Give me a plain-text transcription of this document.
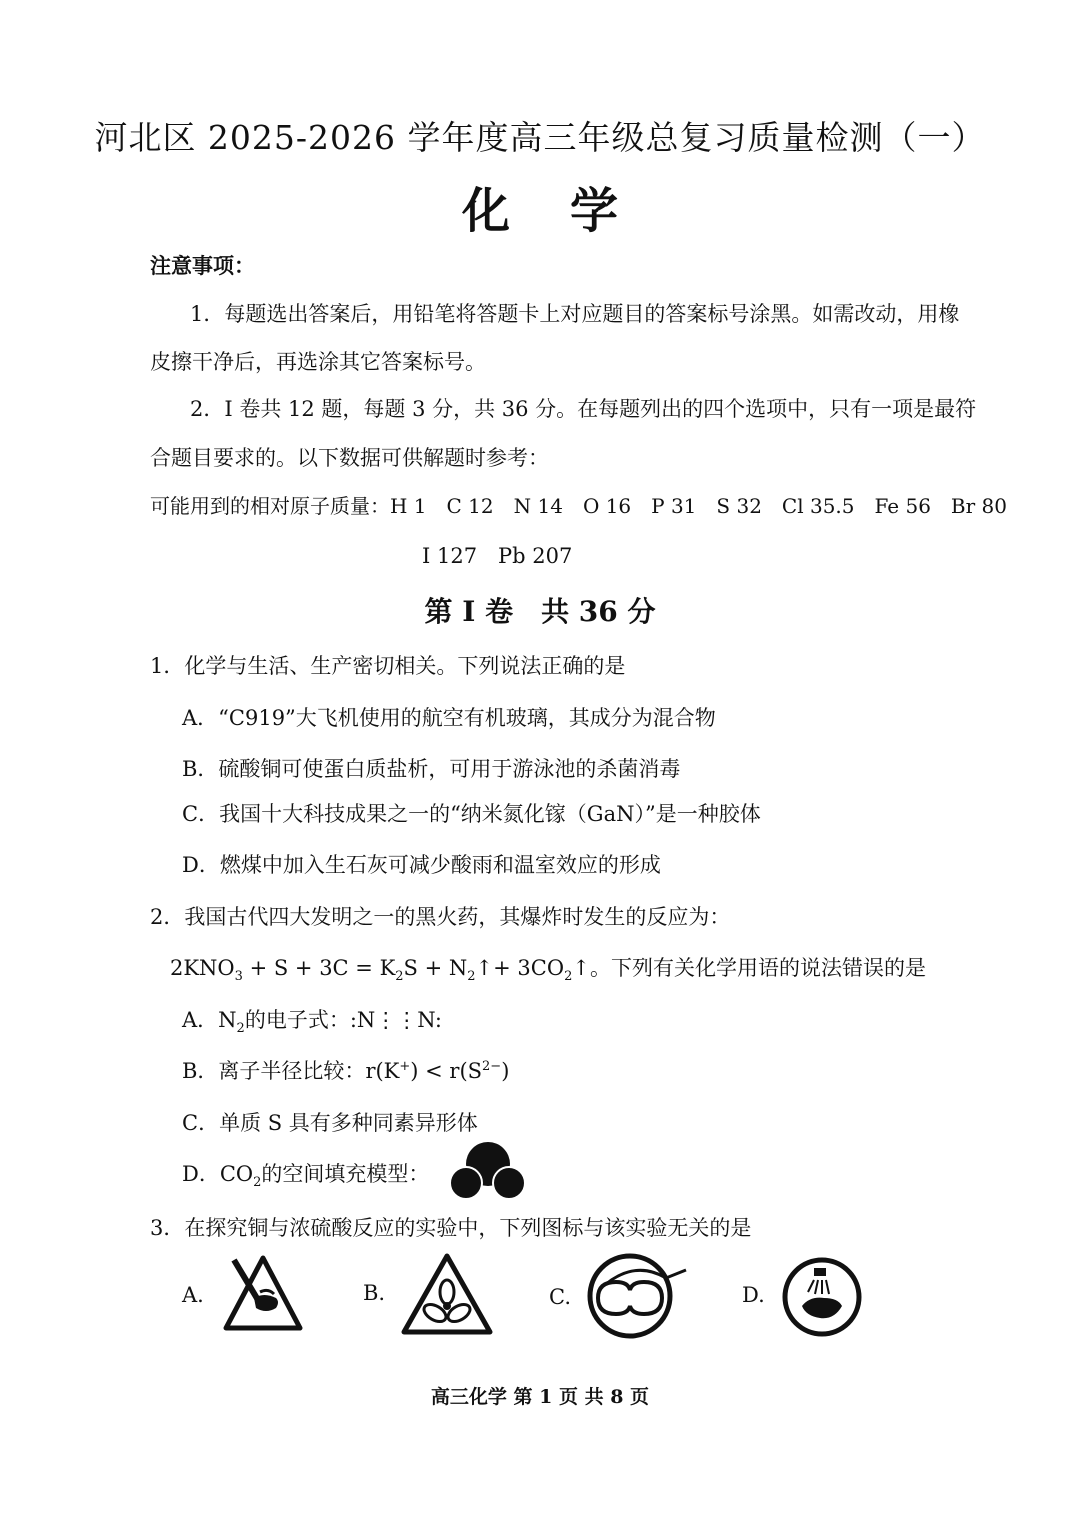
河北区 2025-2026 学年度高三年级总复习质量检测（一）
化学
注意事项：
1．每题选出答案后，用铅笔将答题卡上对应题目的答案标号涂黑。如需改动，用橡
皮擦干净后，再选涂其它答案标号。
2．I 卷共 12 题，每题 3 分，共 36 分。在每题列出的四个选项中，只有一项是最符
合题目要求的。以下数据可供解题时参考：
可能用到的相对原子质量：H 1　C 12　N 14　O 16　P 31　S 32　Cl 35.5　Fe 56　Br 80
I 127　Pb 207
第 I 卷　共 36 分
1．化学与生活、生产密切相关。下列说法正确的是
A．“C919”大飞机使用的航空有机玻璃，其成分为混合物
B．硫酸铜可使蛋白质盐析，可用于游泳池的杀菌消毒
C．我国十大科技成果之一的“纳米氮化镓（GaN）”是一种胶体
D．燃煤中加入生石灰可减少酸雨和温室效应的形成
2．我国古代四大发明之一的黑火药，其爆炸时发生的反应为：
$2KNO_3 + S + 3C = K_2S$ + $N_2↑+$ $3CO_2↑$。下列有关化学用语的说法错误的是
A．$N_2$的电子式：:N⋮⋮N:
B．离子半径比较：$r(K^+) < r(S^{2-})$
C．单质 S 具有多种同素异形体
D．$CO_2$的空间填充模型：
3．在探究铜与浓硫酸反应的实验中，下列图标与该实验无关的是
A.	B.	C.	D.
高三化学 第 1 页 共 8 页
